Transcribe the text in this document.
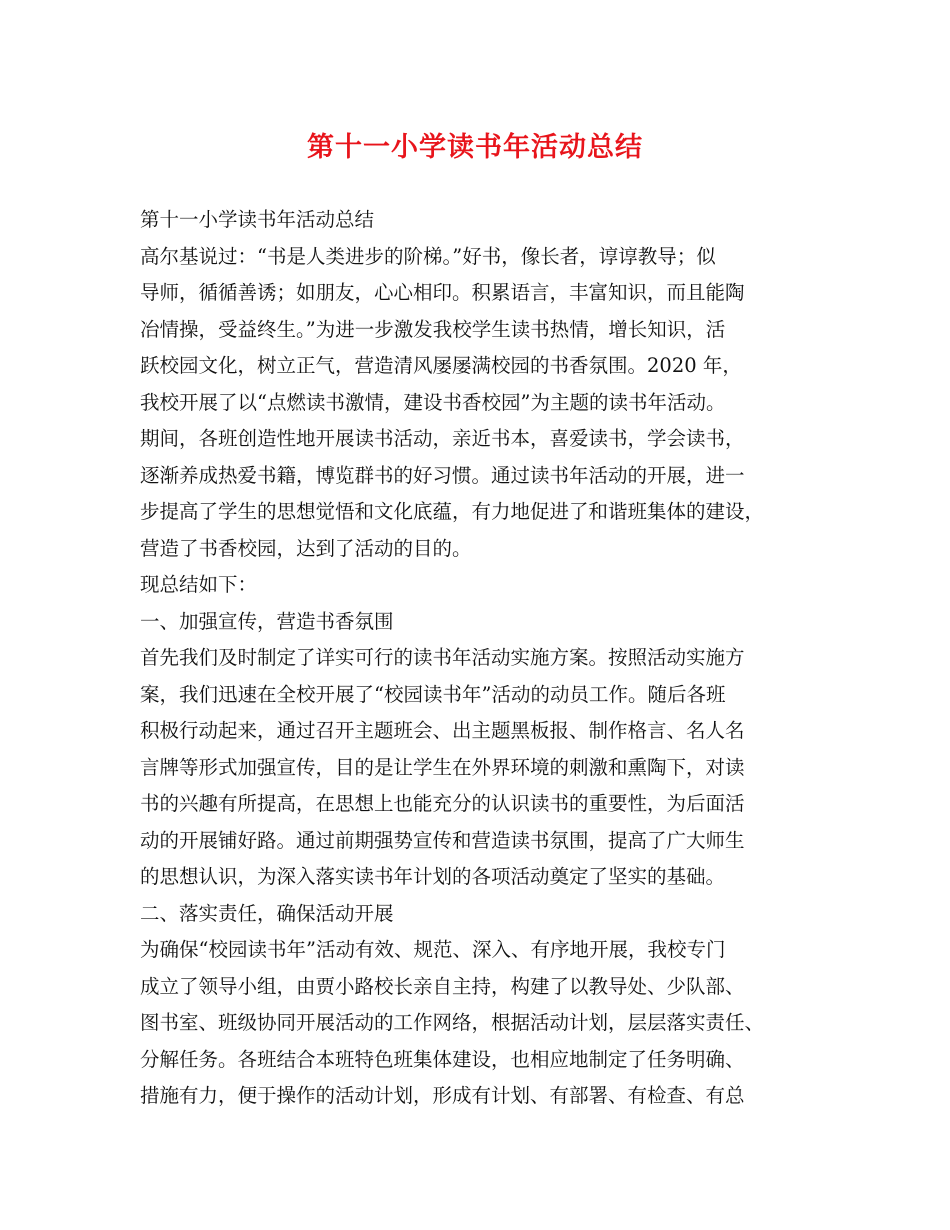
第十一小学读书年活动总结
第十一小学读书年活动总结
高尔基说过：“书是人类进步的阶梯。”好书，像长者，谆谆教导；似
导师，循循善诱；如朋友，心心相印。积累语言，丰富知识，而且能陶
冶情操，受益终生。”为进一步激发我校学生读书热情，增长知识，活
跃校园文化，树立正气，营造清风屡屡满校园的书香氛围。2020 年，
我校开展了以“点燃读书激情，建设书香校园”为主题的读书年活动。
期间，各班创造性地开展读书活动，亲近书本，喜爱读书，学会读书，
逐渐养成热爱书籍，博览群书的好习惯。通过读书年活动的开展，进一
步提高了学生的思想觉悟和文化底蕴，有力地促进了和谐班集体的建设，
营造了书香校园，达到了活动的目的。
现总结如下：
一、加强宣传，营造书香氛围
首先我们及时制定了详实可行的读书年活动实施方案。按照活动实施方
案，我们迅速在全校开展了“校园读书年”活动的动员工作。随后各班
积极行动起来，通过召开主题班会、出主题黑板报、制作格言、名人名
言牌等形式加强宣传，目的是让学生在外界环境的刺激和熏陶下，对读
书的兴趣有所提高，在思想上也能充分的认识读书的重要性，为后面活
动的开展铺好路。通过前期强势宣传和营造读书氛围，提高了广大师生
的思想认识，为深入落实读书年计划的各项活动奠定了坚实的基础。
二、落实责任，确保活动开展
为确保“校园读书年”活动有效、规范、深入、有序地开展，我校专门
成立了领导小组，由贾小路校长亲自主持，构建了以教导处、少队部、
图书室、班级协同开展活动的工作网络，根据活动计划，层层落实责任、
分解任务。各班结合本班特色班集体建设，也相应地制定了任务明确、
措施有力，便于操作的活动计划，形成有计划、有部署、有检查、有总
